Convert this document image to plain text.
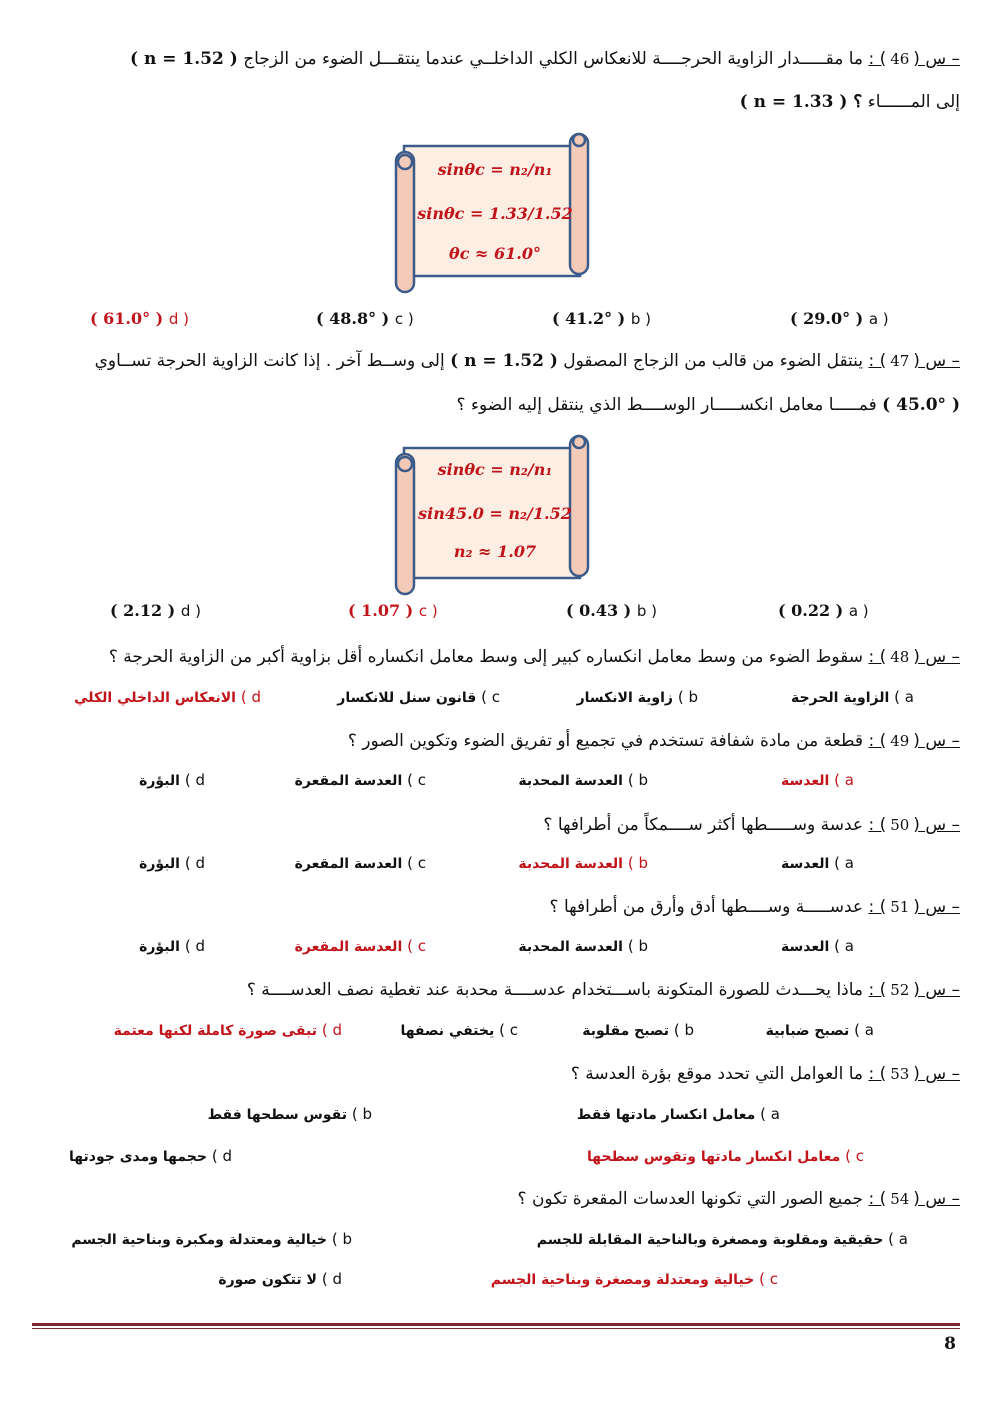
– س (46) : ما مقـــــدار الزاوية الحرجــــة للانعكاس الكلي الداخلــي عندما ينتقـــل الضوء من الزجاج ( n = 1.52 )
إلى المــــــاء ( n = 1.33 ) ؟
sinθc = n₂/n₁
sinθc = 1.33/1.52
θc ≈ 61.0°
( 29.0° ) a )
( 41.2° ) b )
( 48.8° ) c )
( 61.0° ) d )
– س (47) : ينتقل الضوء من قالب من الزجاج المصقول ( n = 1.52 ) إلى وســط آخر . إذا كانت الزاوية الحرجة تســاوي
( 45.0° ) فمـــــا معامل انكســـــار الوســــط الذي ينتقل إليه الضوء ؟
sinθc = n₂/n₁
sin45.0 = n₂/1.52
n₂ ≈ 1.07
( 0.22 ) a )
( 0.43 ) b )
( 1.07 ) c )
( 2.12 ) d )
– س (48) : سقوط الضوء من وسط معامل انكساره كبير إلى وسط معامل انكساره أقل بزاوية أكبر من الزاوية الحرجة ؟
a ) الزاوية الحرجة
b ) زاوية الانكسار
c ) قانون سنل للانكسار
d ) الانعكاس الداخلي الكلي
– س (49) : قطعة من مادة شفافة تستخدم في تجميع أو تفريق الضوء وتكوين الصور ؟
a ) العدسة
b ) العدسة المحدبة
c ) العدسة المقعرة
d ) البؤرة
– س (50) : عدسة وســـــطها أكثر ســــمكاً من أطرافها ؟
a ) العدسة
b ) العدسة المحدبة
c ) العدسة المقعرة
d ) البؤرة
– س (51) : عدســـــة وســــطها أدق وأرق من أطرافها ؟
a ) العدسة
b ) العدسة المحدبة
c ) العدسة المقعرة
d ) البؤرة
– س (52) : ماذا يحـــدث للصورة المتكونة باســـتخدام عدســــة محدبة عند تغطية نصف العدســــة ؟
a ) تصبح ضبابية
b ) تصبح مقلوبة
c ) يختفي نصفها
d ) تبقى صورة كاملة لكنها معتمة
– س (53) : ما العوامل التي تحدد موقع بؤرة العدسة ؟
a ) معامل انكسار مادتها فقط
b ) تقوس سطحها فقط
c ) معامل انكسار مادتها وتقوس سطحها
d ) حجمها ومدى جودتها
– س (54) : جميع الصور التي تكونها العدسات المقعرة تكون ؟
a ) حقيقية ومقلوبة ومصغرة وبالناحية المقابلة للجسم
b ) خيالية ومعتدلة ومكبرة وبناحية الجسم
c ) خيالية ومعتدلة ومصغرة وبناحية الجسم
d ) لا تتكون صورة
8
